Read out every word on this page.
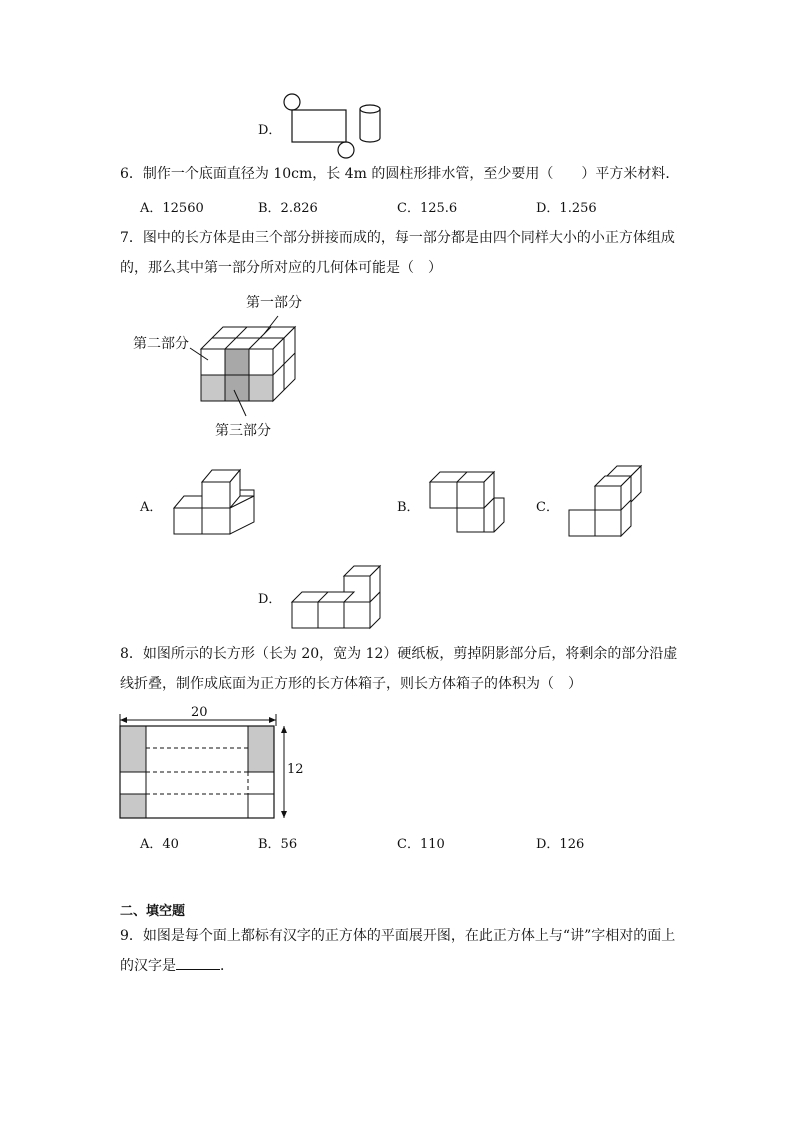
D．
6．制作一个底面直径为 10cm，长 4m 的圆柱形排水管，至少要用（　　）平方米材料．
A．12560	B．2.826	C．125.6	D．1.256
7．图中的长方体是由三个部分拼接而成的，每一部分都是由四个同样大小的小正方体组成
的，那么其中第一部分所对应的几何体可能是（　）
第一部分
第二部分
第三部分
A．	B．	C．
D．
8．如图所示的长方形（长为 20，宽为 12）硬纸板，剪掉阴影部分后，将剩余的部分沿虚
线折叠，制作成底面为正方形的长方体箱子，则长方体箱子的体积为（　）
20
12
A．40	B．56	C．110	D．126
二、填空题
9．如图是每个面上都标有汉字的正方体的平面展开图，在此正方体上与“讲”字相对的面上
的汉字是	．
